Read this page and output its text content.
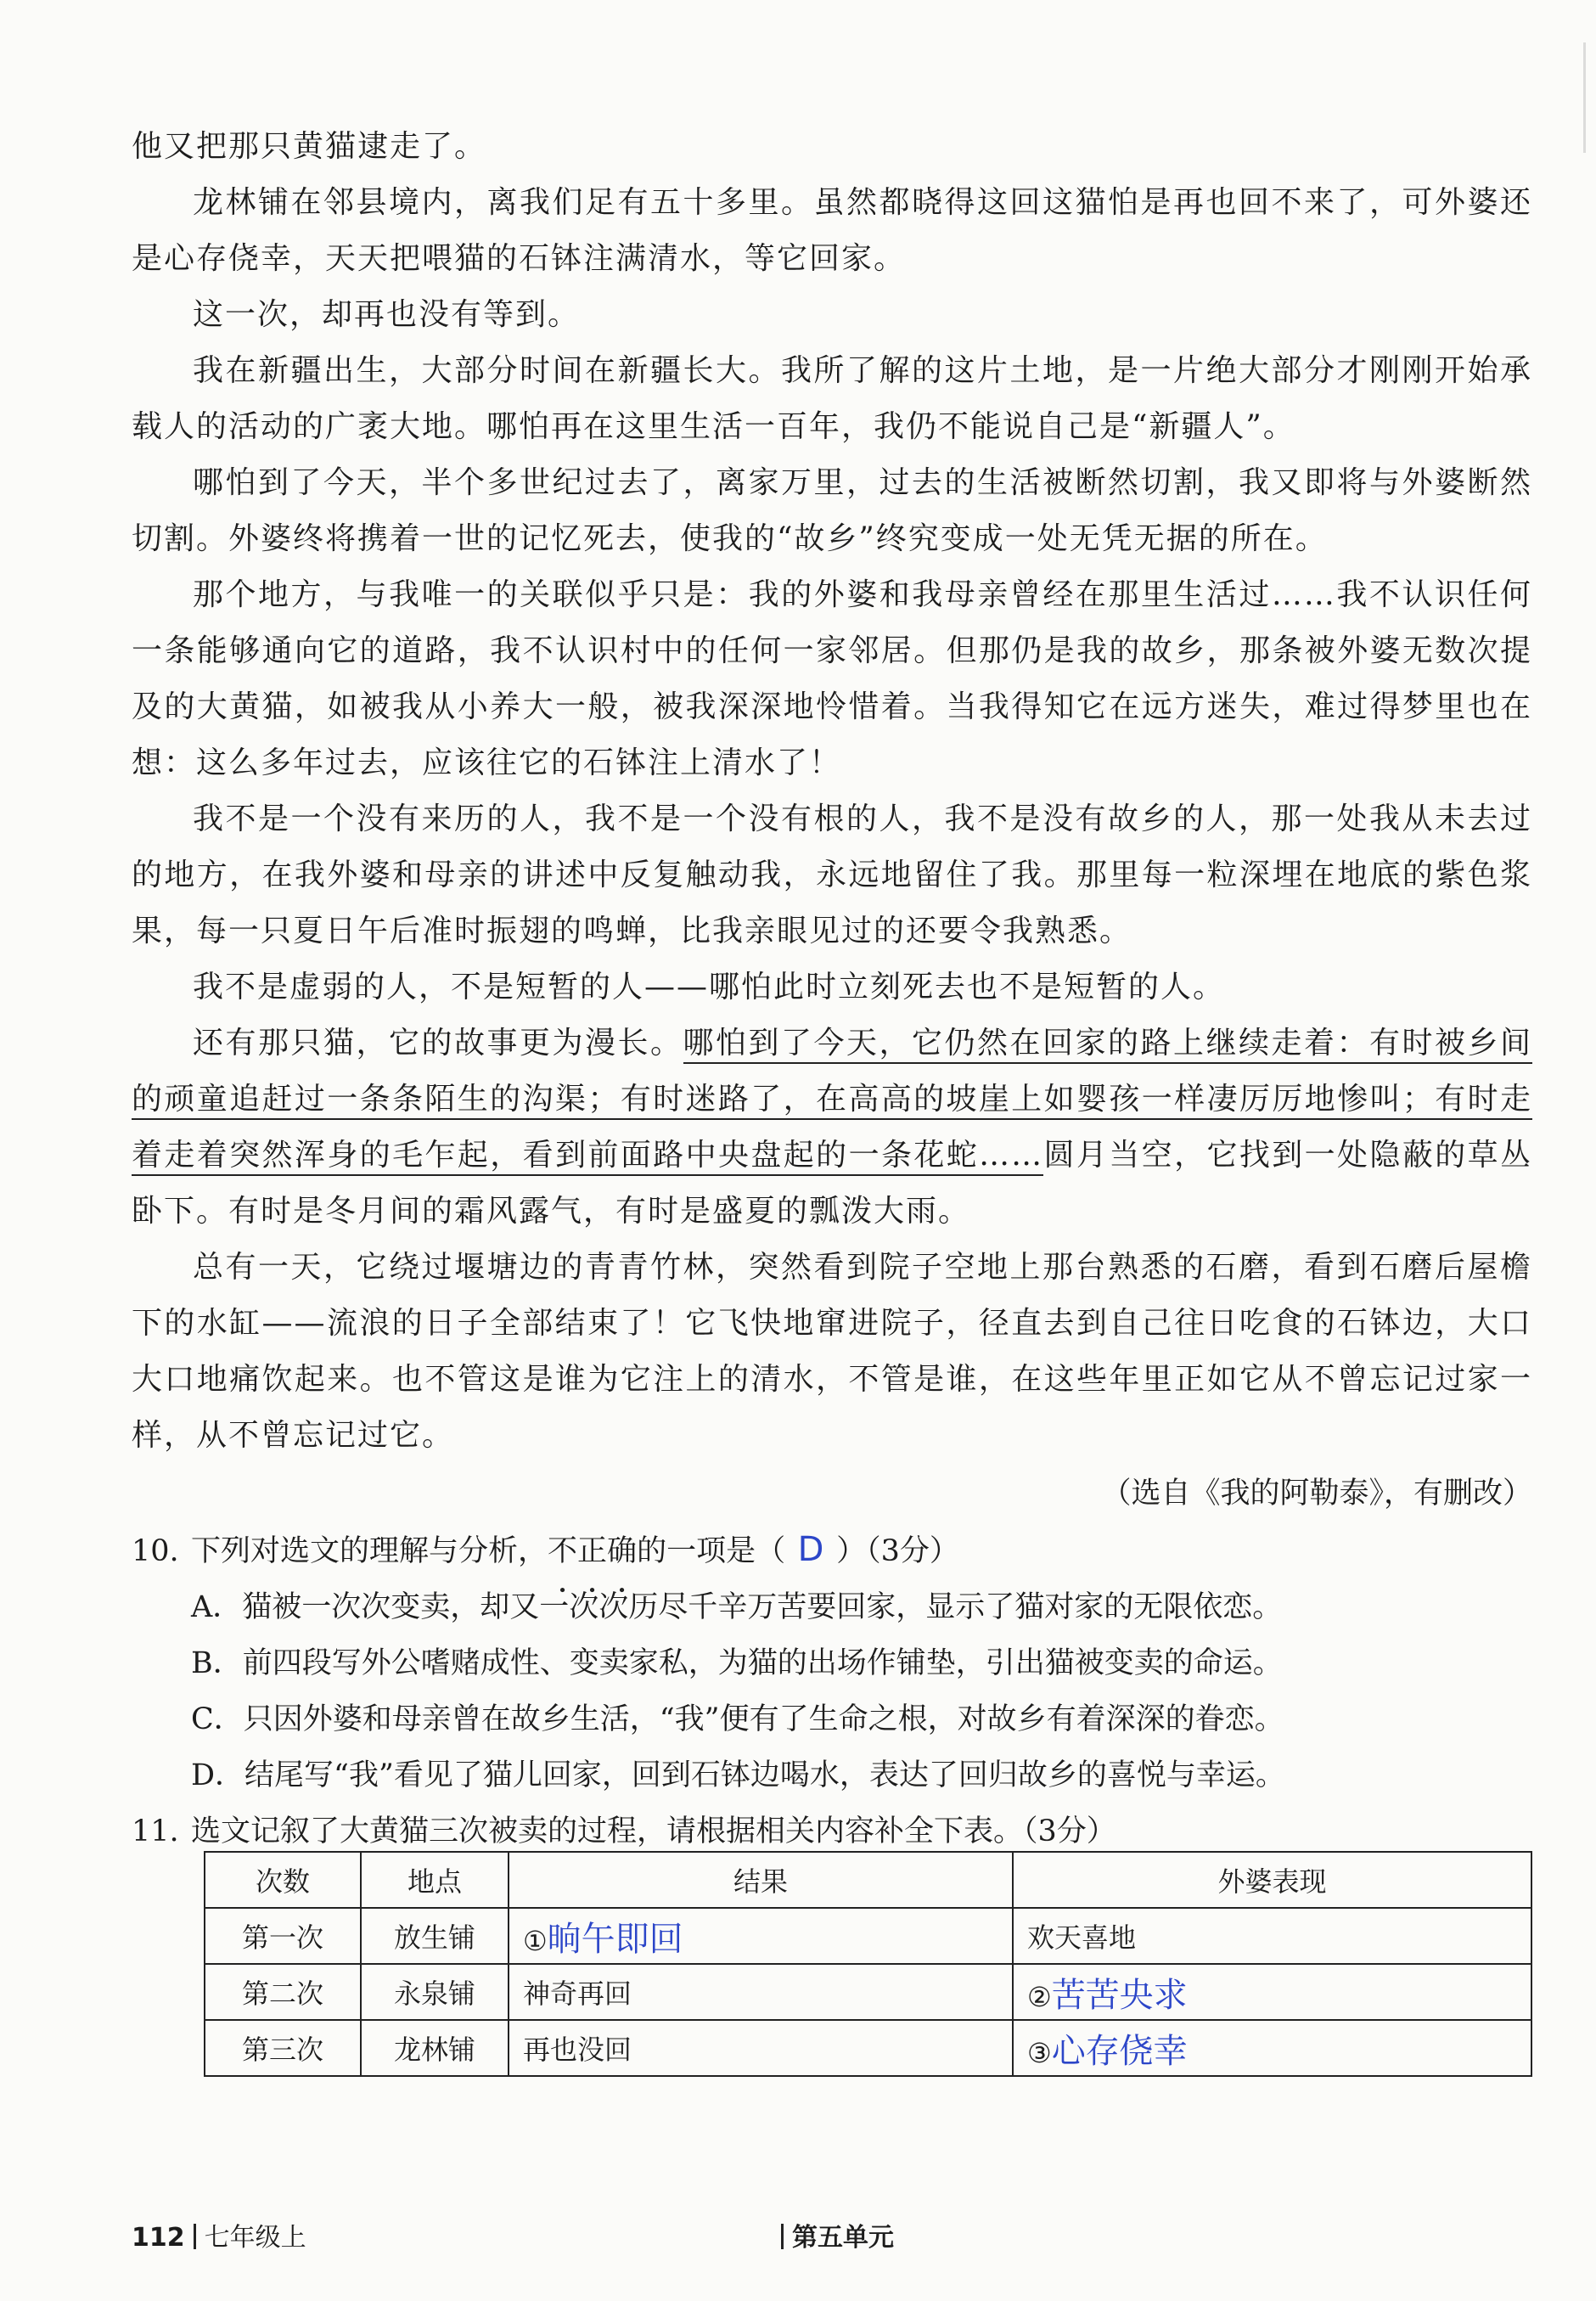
他又把那只黄猫逮走了。

龙林铺在邻县境内，离我们足有五十多里。虽然都晓得这回这猫怕是再也回不来了，可外婆还是心存侥幸，天天把喂猫的石钵注满清水，等它回家。

这一次，却再也没有等到。

我在新疆出生，大部分时间在新疆长大。我所了解的这片土地，是一片绝大部分才刚刚开始承载人的活动的广袤大地。哪怕再在这里生活一百年，我仍不能说自己是“新疆人”。

哪怕到了今天，半个多世纪过去了，离家万里，过去的生活被断然切割，我又即将与外婆断然切割。外婆终将携着一世的记忆死去，使我的“故乡”终究变成一处无凭无据的所在。

那个地方，与我唯一的关联似乎只是：我的外婆和我母亲曾经在那里生活过……我不认识任何一条能够通向它的道路，我不认识村中的任何一家邻居。但那仍是我的故乡，那条被外婆无数次提及的大黄猫，如被我从小养大一般，被我深深地怜惜着。当我得知它在远方迷失，难过得梦里也在想：这么多年过去，应该往它的石钵注上清水了！

我不是一个没有来历的人，我不是一个没有根的人，我不是没有故乡的人，那一处我从未去过的地方，在我外婆和母亲的讲述中反复触动我，永远地留住了我。那里每一粒深埋在地底的紫色浆果，每一只夏日午后准时振翅的鸣蝉，比我亲眼见过的还要令我熟悉。

我不是虚弱的人，不是短暂的人——哪怕此时立刻死去也不是短暂的人。

还有那只猫，它的故事更为漫长。哪怕到了今天，它仍然在回家的路上继续走着：有时被乡间的顽童追赶过一条条陌生的沟渠；有时迷路了，在高高的坡崖上如婴孩一样凄厉厉地惨叫；有时走着走着突然浑身的毛乍起，看到前面路中央盘起的一条花蛇……圆月当空，它找到一处隐蔽的草丛卧下。有时是冬月间的霜风露气，有时是盛夏的瓢泼大雨。

总有一天，它绕过堰塘边的青青竹林，突然看到院子空地上那台熟悉的石磨，看到石磨后屋檐下的水缸——流浪的日子全部结束了！它飞快地窜进院子，径直去到自己往日吃食的石钵边，大口大口地痛饮起来。也不管这是谁为它注上的清水，不管是谁，在这些年里正如它从不曾忘记过家一样，从不曾忘记过它。

（选自《我的阿勒泰》，有删改）

10. 下列对选文的理解与分析，不正确的一项是（ D ）（3分）

A．猫被一次次变卖，却又一次次历尽千辛万苦要回家，显示了猫对家的无限依恋。

B．前四段写外公嗜赌成性、变卖家私，为猫的出场作铺垫，引出猫被变卖的命运。

C．只因外婆和母亲曾在故乡生活，“我”便有了生命之根，对故乡有着深深的眷恋。

D．结尾写“我”看见了猫儿回家，回到石钵边喝水，表达了回归故乡的喜悦与幸运。

11. 选文记叙了大黄猫三次被卖的过程，请根据相关内容补全下表。（3分）

次数	地点	结果	外婆表现
第一次	放生铺	①晌午即回	欢天喜地
第二次	永泉铺	神奇再回	②苦苦央求
第三次	龙林铺	再也没回	③心存侥幸
112 七年级上	第五单元
